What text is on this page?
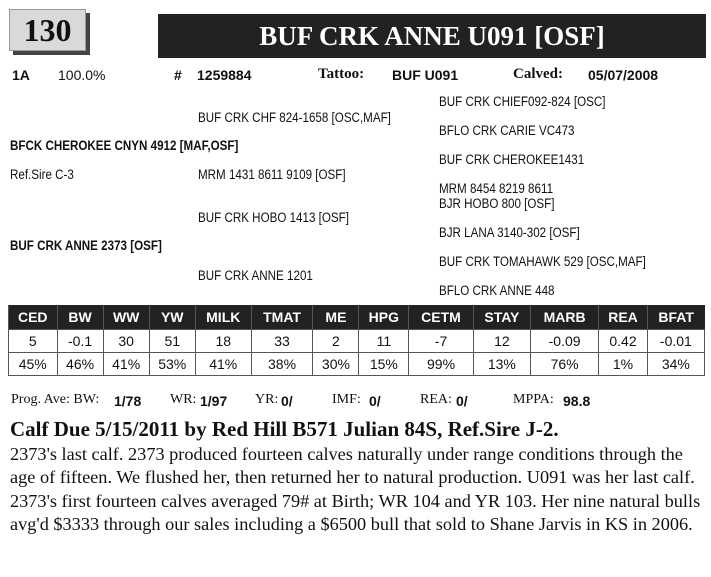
130	BUF CRK ANNE U091 [OSF]
1A 100.0%	# 1259884	Tattoo: BUF U091	Calved: 05/07/2008
BUF CRK CHIEF092-824 [OSC]
BUF CRK CHF 824-1658 [OSC,MAF]
BFLO CRK CARIE VC473
BFCK CHEROKEE CNYN 4912 [MAF,OSF]
BUF CRK CHEROKEE1431
Ref.Sire C-3	MRM 1431 8611 9109 [OSF]
MRM 8454 8219 8611
BJR HOBO 800 [OSF]
BUF CRK HOBO 1413 [OSF]
BJR LANA 3140-302 [OSF]
BUF CRK ANNE 2373 [OSF]
BUF CRK TOMAHAWK 529 [OSC,MAF]
BUF CRK ANNE 1201
BFLO CRK ANNE 448
CED	BW	WW	YW	MILK	TMAT	ME	HPG	CETM	STAY	MARB	REA	BFAT
5	-0.1	30	51	18	33	2	11	-7	12	-0.09	0.42	-0.01
45%	46%	41%	53%	41%	38%	30%	15%	99%	13%	76%	1%	34%
Prog. Ave: BW: 1/78 WR: 1/97 YR: 0/	IMF: 0/	REA: 0/	MPPA: 98.8
Calf Due 5/15/2011 by Red Hill B571 Julian 84S, Ref.Sire J-2.
2373's last calf. 2373 produced fourteen calves naturally under range conditions through the age of fifteen. We flushed her, then returned her to natural production. U091 was her last calf. 2373's first fourteen calves averaged 79# at Birth; WR 104 and YR 103. Her nine natural bulls avg'd $3333 through our sales including a $6500 bull that sold to Shane Jarvis in KS in 2006.
